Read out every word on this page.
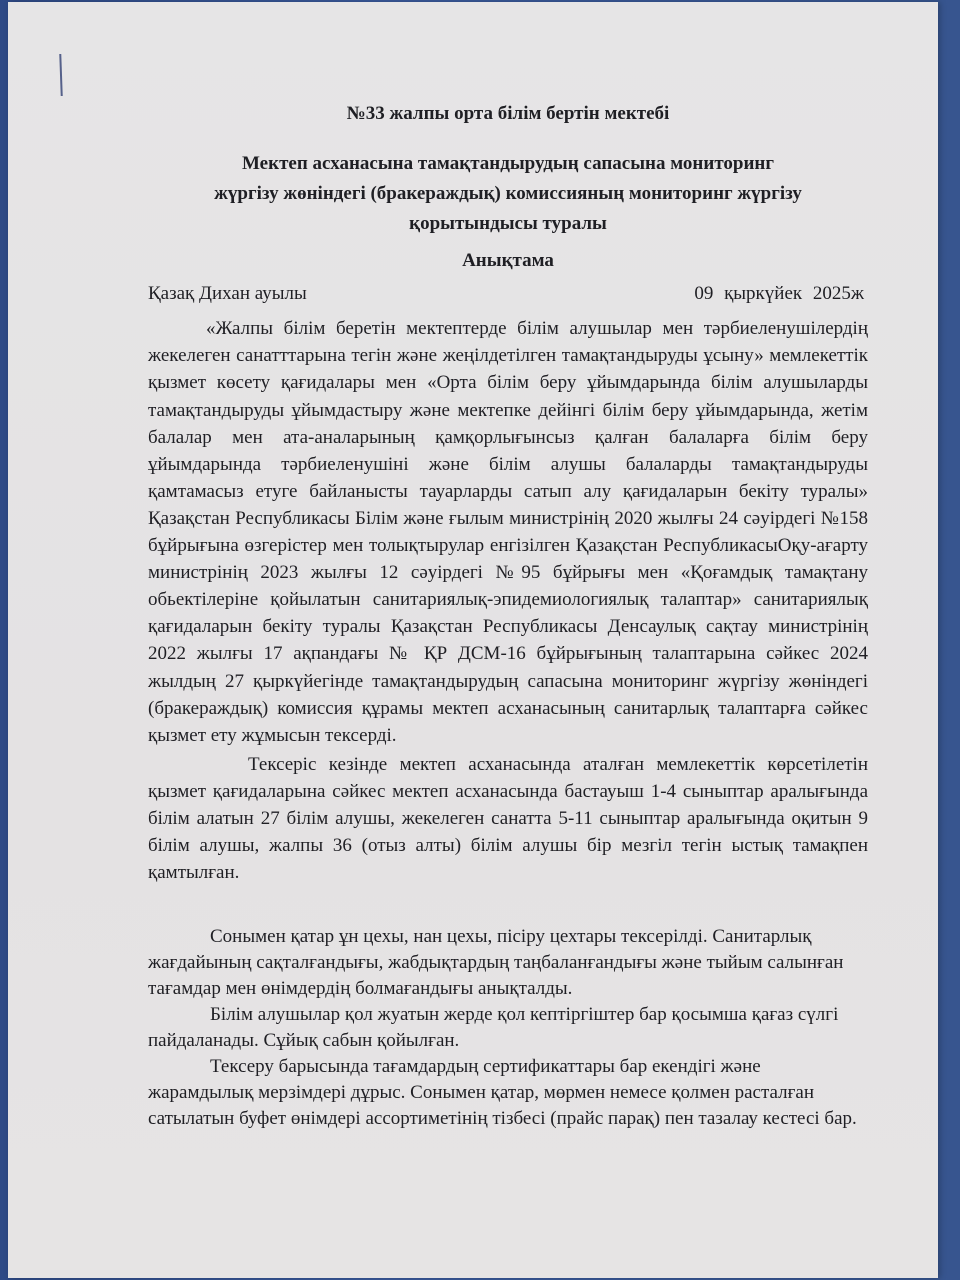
№33 жалпы орта білім бертін мектебі
Мектеп асханасына тамақтандырудың сапасына мониторинг
жүргізу жөніндегі (бракераждық) комиссияның мониторинг жүргізу
қорытындысы туралы
Анықтама
Қазақ Дихан ауылы	09 қыркүйек 2025ж

«Жалпы білім беретін мектептерде білім алушылар мен тәрбиеленушілердің жекелеген санатттарына тегін және жеңілдетілген тамақтандыруды ұсыну» мемлекеттік қызмет көсету қағидалары мен «Орта білім беру ұйымдарында білім алушыларды тамақтандыруды ұйымдастыру және мектепке дейінгі білім беру ұйымдарында, жетім балалар мен ата-аналарының қамқорлығынсыз қалған балаларға білім беру ұйымдарында тәрбиеленушіні және білім алушы балаларды тамақтандыруды қамтамасыз етуге байланысты тауарларды сатып алу қағидаларын бекіту туралы» Қазақстан Республикасы Білім және ғылым министрінің 2020 жылғы 24 сәуірдегі №158 бұйрығына өзгерістер мен толықтырулар енгізілген Қазақстан РеспубликасыОқу-ағарту министрінің 2023 жылғы 12 сәуірдегі №95 бұйрығы мен «Қоғамдық тамақтану обьектілеріне қойылатын санитариялық-эпидемиологиялық талаптар» санитариялық қағидаларын бекіту туралы Қазақстан Республикасы Денсаулық сақтау министрінің 2022 жылғы 17 ақпандағы № ҚР ДСМ-16 бұйрығының талаптарына сәйкес 2024 жылдың 27 қыркүйегінде тамақтандырудың сапасына мониторинг жүргізу жөніндегі (бракераждық) комиссия құрамы мектеп асханасының санитарлық талаптарға сәйкес қызмет ету жұмысын тексерді.

Тексеріс кезінде мектеп асханасында аталған мемлекеттік көрсетілетін қызмет қағидаларына сәйкес мектеп асханасында бастауыш 1-4 сыныптар аралығында білім алатын 27 білім алушы, жекелеген санатта 5-11 сыныптар аралығында оқитын 9 білім алушы, жалпы 36 (отыз алты) білім алушы бір мезгіл тегін ыстық тамақпен қамтылған.

Сонымен қатар ұн цехы, нан цехы, пісіру цехтары тексерілді. Санитарлық жағдайының сақталғандығы, жабдықтардың таңбаланғандығы және тыйым салынған тағамдар мен өнімдердің болмағандығы анықталды.

Білім алушылар қол жуатын жерде қол кептіргіштер бар қосымша қағаз сүлгі пайдаланады. Сұйық сабын қойылған.

Тексеру барысында тағамдардың сертификаттары бар екендігі және жарамдылық мерзімдері дұрыс. Сонымен қатар, мөрмен немесе қолмен расталған сатылатын буфет өнімдері ассортиметінің тізбесі (прайс парақ) пен тазалау кестесі бар.
